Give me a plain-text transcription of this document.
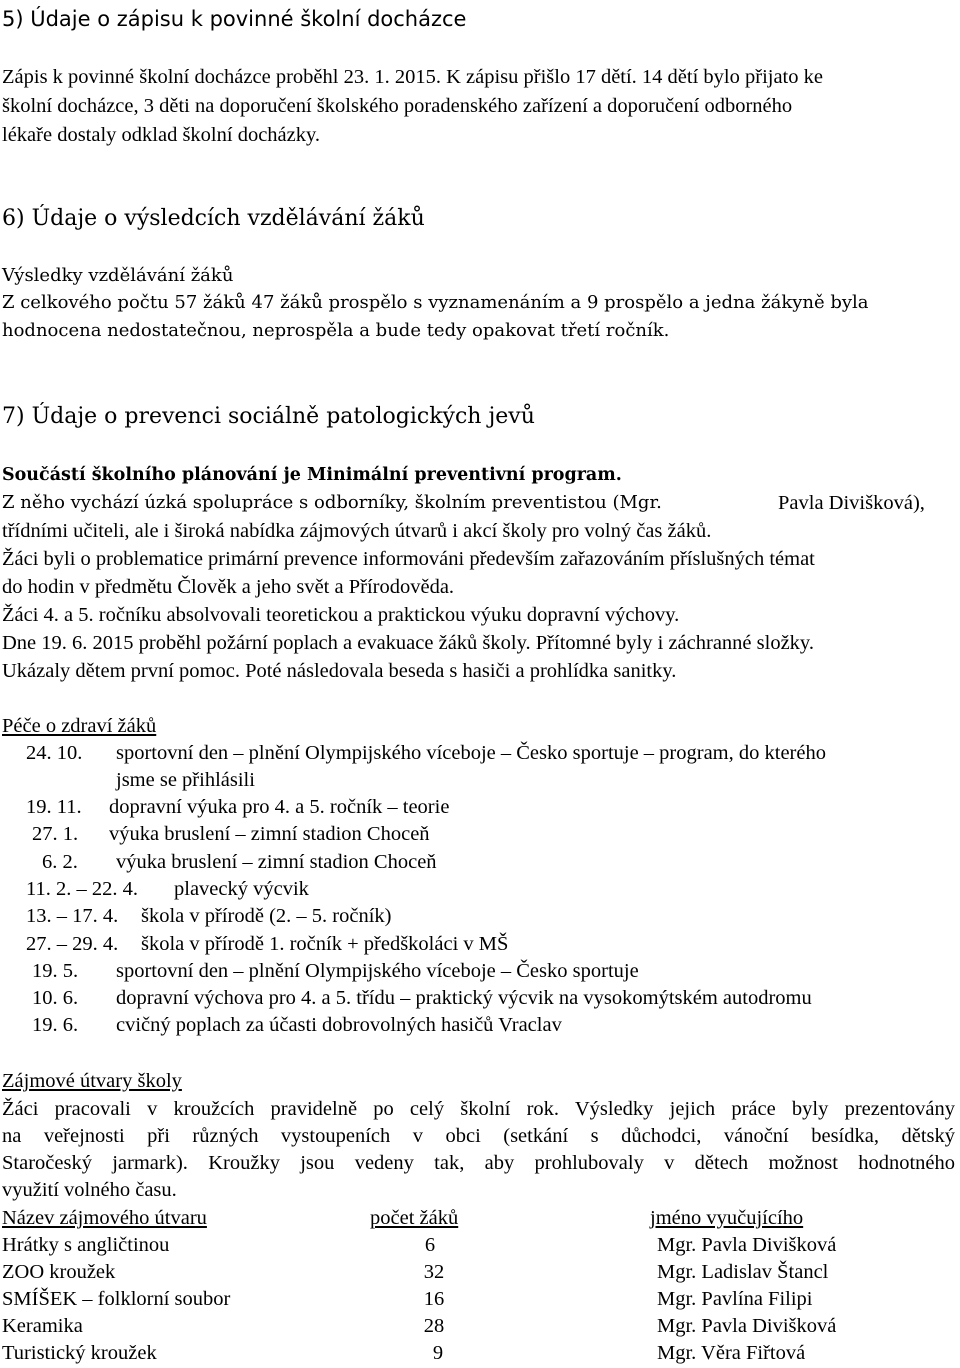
5) Údaje o zápisu k povinné školní docházce
Zápis k povinné školní docházce proběhl 23. 1. 2015. K zápisu přišlo 17 dětí. 14 dětí bylo přijato ke
školní docházce, 3 děti na doporučení školského poradenského zařízení a doporučení odborného
lékaře dostaly odklad školní docházky.
6) Údaje o výsledcích vzdělávání žáků
Výsledky vzdělávání žáků
Z celkového počtu 57 žáků 47 žáků prospělo s vyznamenáním a 9 prospělo a jedna žákyně byla
hodnocena nedostatečnou, neprospěla a bude tedy opakovat třetí ročník.
7) Údaje o prevenci sociálně patologických jevů
Součástí školního plánování je Minimální preventivní program.
Z něho vychází úzká spolupráce s odborníky, školním preventistou (Mgr.	Pavla Divišková),
třídními učiteli, ale i široká nabídka zájmových útvarů i akcí školy pro volný čas žáků.
Žáci byli o problematice primární prevence informováni především zařazováním příslušných témat
do hodin v předmětu Člověk a jeho svět a Přírodověda.
Žáci 4. a 5. ročníku absolvovali teoretickou a praktickou výuku dopravní výchovy.
Dne 19. 6. 2015 proběhl požární poplach a evakuace žáků školy. Přítomné byly i záchranné složky.
Ukázaly dětem první pomoc. Poté následovala beseda s hasiči a prohlídka sanitky.
Péče o zdraví žáků
24. 10. sportovní den – plnění Olympijského víceboje – Česko sportuje – program, do kterého
jsme se přihlásili
19. 11. dopravní výuka pro 4. a 5. ročník – teorie
27. 1. výuka bruslení – zimní stadion Choceň
6. 2. výuka bruslení – zimní stadion Choceň
11. 2. – 22. 4. plavecký výcvik
13. – 17. 4. škola v přírodě (2. – 5. ročník)
27. – 29. 4. škola v přírodě 1. ročník + předškoláci v MŠ
19. 5. sportovní den – plnění Olympijského víceboje – Česko sportuje
10. 6. dopravní výchova pro 4. a 5. třídu – praktický výcvik na vysokomýtském autodromu
19. 6. cvičný poplach za účasti dobrovolných hasičů Vraclav
Zájmové útvary školy
Žáci pracovali v kroužcích pravidelně po celý školní rok. Výsledky jejich práce byly prezentovány
na veřejnosti při různých vystoupeních v obci (setkání s důchodci, vánoční besídka, dětský
Staročeský jarmark). Kroužky jsou vedeny tak, aby prohlubovaly v dětech možnost hodnotného
využití volného času.
Název zájmového útvaru	počet žáků	jméno vyučujícího
Hrátky s angličtinou	6	Mgr. Pavla Divišková
ZOO kroužek	32	Mgr. Ladislav Štancl
SMÍŠEK – folklorní soubor	16	Mgr. Pavlína Filipi
Keramika	28	Mgr. Pavla Divišková
Turistický kroužek	9	Mgr. Věra Fiřtová
